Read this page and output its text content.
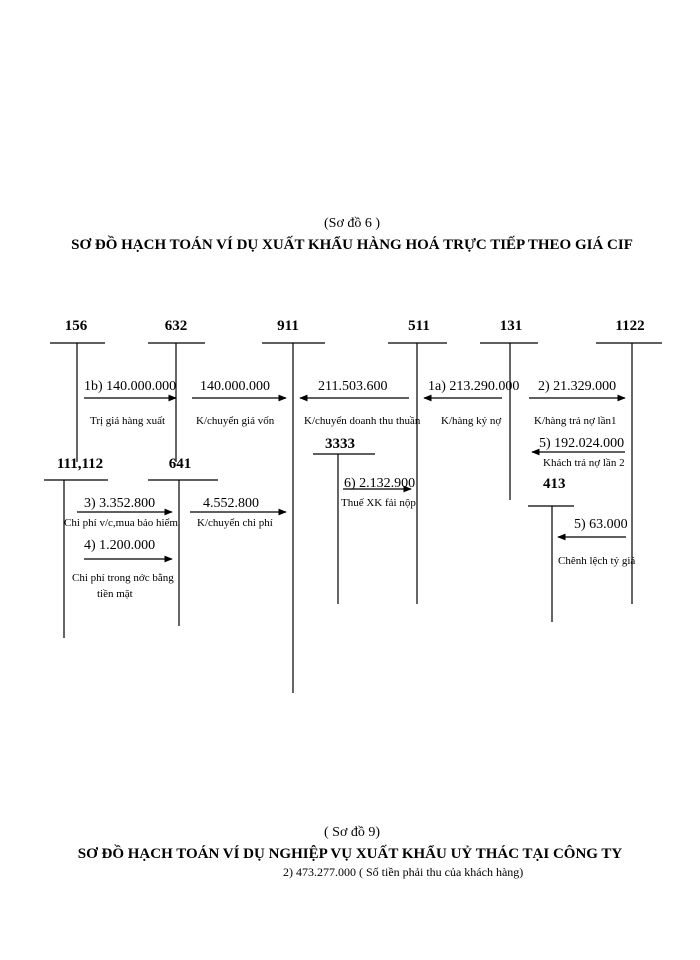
(Sơ đồ 6 )
SƠ ĐỒ HẠCH TOÁN VÍ DỤ XUẤT KHẨU HÀNG HOÁ TRỰC TIẾP THEO GIÁ CIF
156	632	911	511	131	1122
111,112	641
3333
413
1b) 140.000.000 140.000.000	211.503.600	1a) 213.290.000 2) 21.329.000
5) 192.024.000
3) 3.352.800	4.552.800
6) 2.132.900
4) 1.200.000
5) 63.000
Trị giá hàng xuất	K/chuyển giá vốn	K/chuyển doanh thu thuần K/hàng ký nợ	K/hàng trả nợ lần1
Khách trả nợ lần 2
Chi phí v/c,mua bảo hiểm K/chuyển chi phí
Thuế XK fải nộp
Chi phí trong nớc bằng
tiền mặt
Chênh lệch tỷ giá
( Sơ đồ 9)
SƠ ĐỒ HẠCH TOÁN VÍ DỤ NGHIỆP VỤ XUẤT KHẨU UỶ THÁC TẠI CÔNG TY
2) 473.277.000 ( Số tiền phải thu của khách hàng)
